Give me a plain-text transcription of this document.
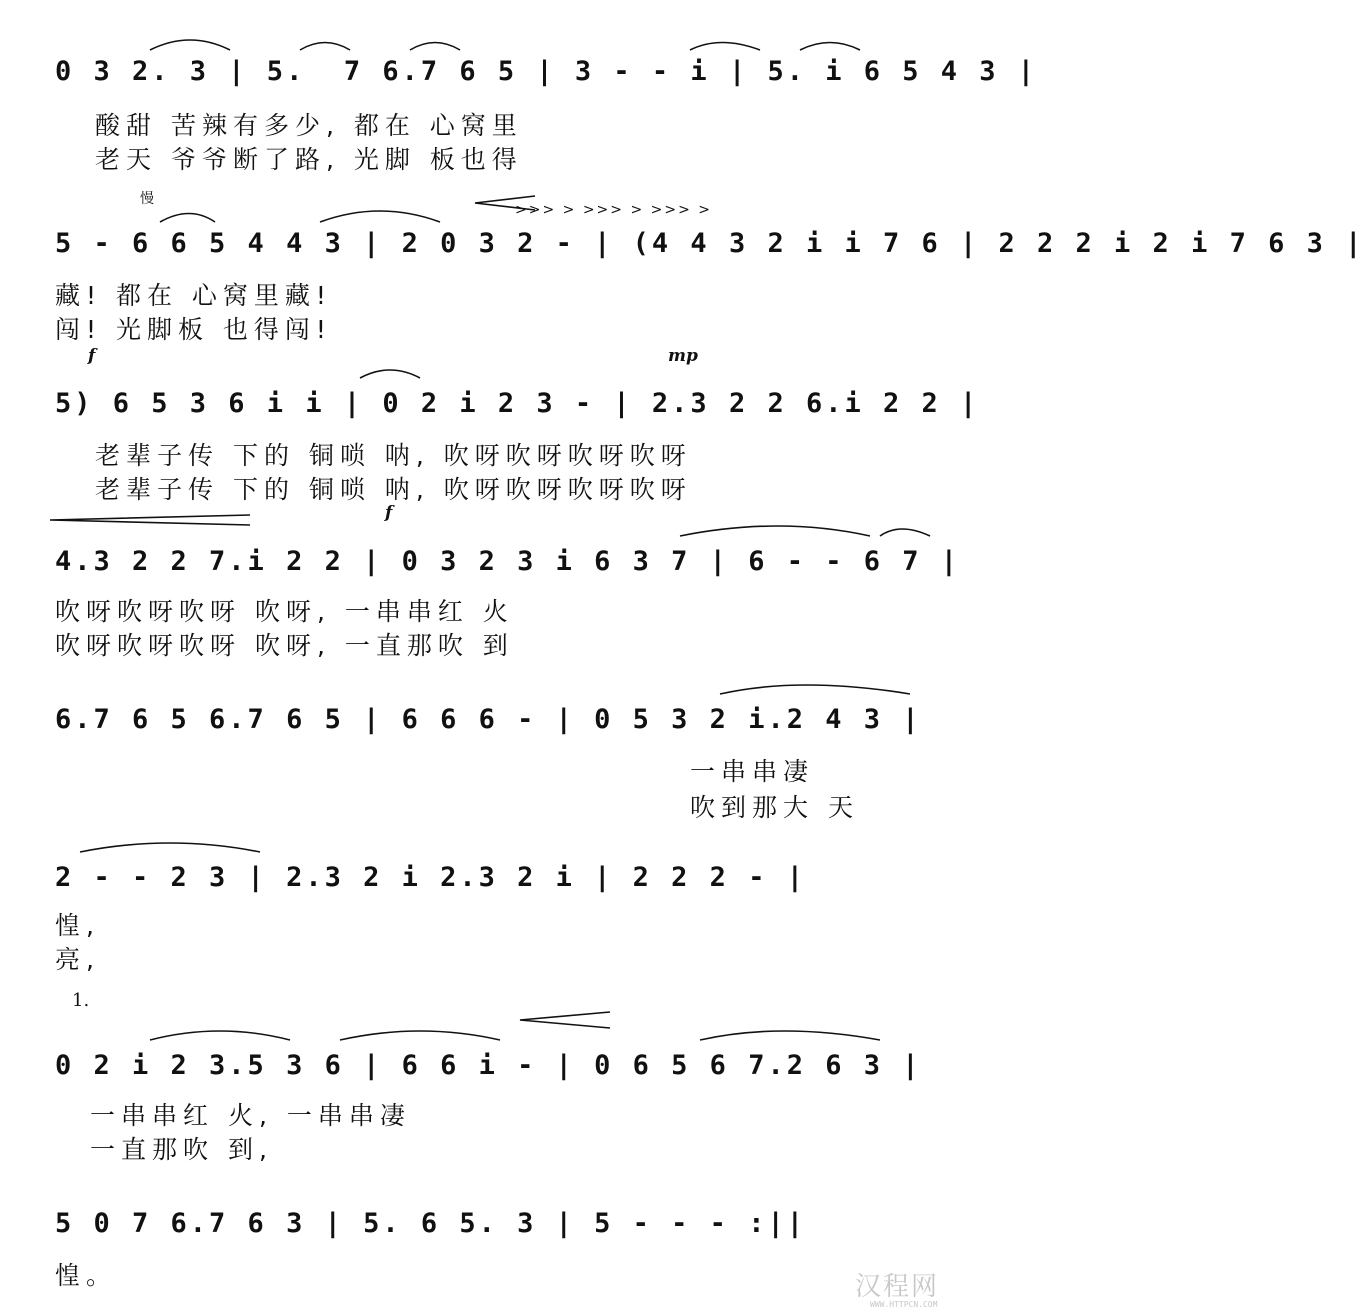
0 3 2. 3 | 5.  7 6.7 6 5 | 3 - - i | 5. i 6 5 4 3 |
酸甜 苦辣有多少, 都在 心窝里
老天 爷爷断了路, 光脚 板也得
慢
>>> > >>> > >>> >
5 - 6 6 5 4 4 3 | 2 0 3 2 - | (4 4 3 2 i i 7 6 | 2 2 2 i 2 i 7 6 3 |
藏! 都在 心窝里藏!
闯! 光脚板 也得闯!
f	mp
5) 6 5 3 6 i i | 0 2 i 2 3 - | 2.3 2 2 6.i 2 2 |
老辈子传 下的 铜唢 呐, 吹呀吹呀吹呀吹呀
老辈子传 下的 铜唢 呐, 吹呀吹呀吹呀吹呀
f
4.3 2 2 7.i 2 2 | 0 3 2 3 i 6 3 7 | 6 - - 6 7 |
吹呀吹呀吹呀 吹呀, 一串串红 火
吹呀吹呀吹呀 吹呀, 一直那吹 到
6.7 6 5 6.7 6 5 | 6 6 6 - | 0 5 3 2 i.2 4 3 |
一串串凄
吹到那大 天
2 - - 2 3 | 2.3 2 i 2.3 2 i | 2 2 2 - |
惶,
亮,
1.
0 2 i 2 3.5 3 6 | 6 6 i - | 0 6 5 6 7.2 6 3 |
一串串红 火, 一串串凄
一直那吹 到,
5 0 7 6.7 6 3 | 5. 6 5. 3 | 5 - - - :||
惶。	汉程网
WWW.HTTPCN.COM
